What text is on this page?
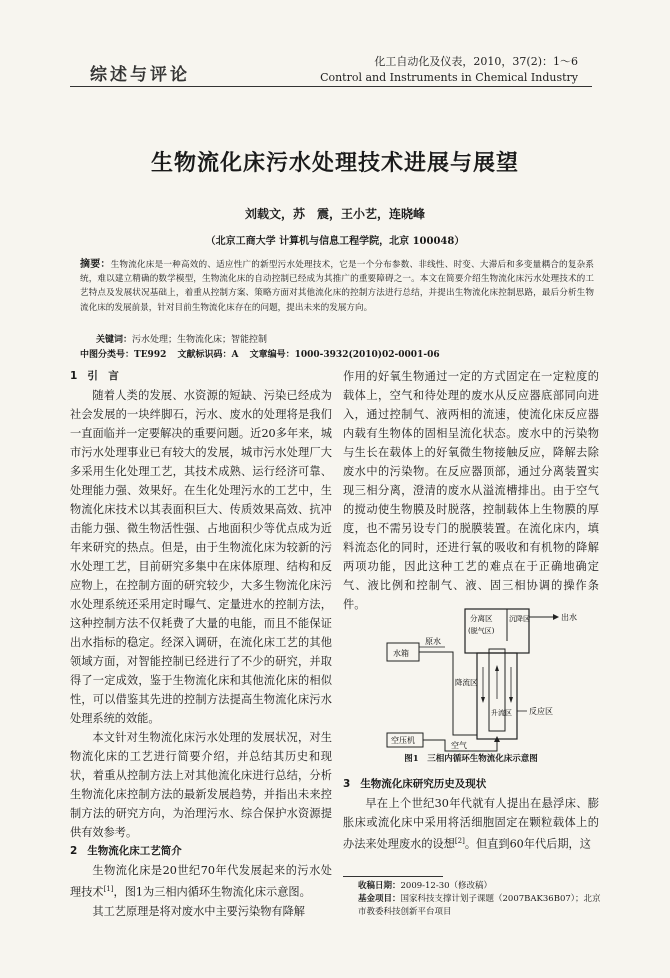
综述与评论
化工自动化及仪表，2010，37(2)：1～6
Control and Instruments in Chemical Industry
生物流化床污水处理技术进展与展望
刘载文，苏　震，王小艺，连晓峰
（北京工商大学 计算机与信息工程学院，北京 100048）
摘要：生物流化床是一种高效的、适应性广的新型污水处理技术，它是一个分布参数、非线性、时变、大滞后和多变量耦合的复杂系统，难以建立精确的数学模型，生物流化床的自动控制已经成为其推广的重要障碍之一。本文在简要介绍生物流化床污水处理技术的工艺特点及发展状况基础上，着重从控制方案、策略方面对其他流化床的控制方法进行总结，并提出生物流化床控制思路，最后分析生物流化床的发展前景，针对目前生物流化床存在的问题，提出未来的发展方向。
关键词：污水处理；生物流化床；智能控制
中图分类号：TE992 文献标识码：A 文章编号：1000-3932(2010)02-0001-06

1 引　言

随着人类的发展、水资源的短缺、污染已经成为社会发展的一块绊脚石，污水、废水的处理将是我们一直面临并一定要解决的重要问题。近20多年来，城市污水处理事业已有较大的发展，城市污水处理厂大多采用生化处理工艺，其技术成熟、运行经济可靠、处理能力强、效果好。在生化处理污水的工艺中，生物流化床技术以其表面积巨大、传质效果高效、抗冲击能力强、微生物活性强、占地面积少等优点成为近年来研究的热点。但是，由于生物流化床为较新的污水处理工艺，目前研究多集中在床体原理、结构和反应物上，在控制方面的研究较少，大多生物流化床污水处理系统还采用定时曝气、定量进水的控制方法，这种控制方法不仅耗费了大量的电能，而且不能保证出水指标的稳定。经深入调研，在流化床工艺的其他领域方面，对智能控制已经进行了不少的研究，并取得了一定成效，鉴于生物流化床和其他流化床的相似性，可以借鉴其先进的控制方法提高生物流化床污水处理系统的效能。

本文针对生物流化床污水处理的发展状况，对生物流化床的工艺进行简要介绍，并总结其历史和现状，着重从控制方法上对其他流化床进行总结，分析生物流化床控制方法的最新发展趋势，并指出未来控制方法的研究方向，为治理污水、综合保护水资源提供有效参考。

2 生物流化床工艺简介

生物流化床是20世纪70年代发展起来的污水处理技术[1]，图1为三相内循环生物流化床示意图。

其工艺原理是将对废水中主要污染物有降解

作用的好氧生物通过一定的方式固定在一定粒度的载体上，空气和待处理的废水从反应器底部同向进入，通过控制气、液两相的流速，使流化床反应器内载有生物体的固相呈流化状态。废水中的污染物与生长在载体上的好氧微生物接触反应，降解去除废水中的污染物。在反应器顶部，通过分离装置实现三相分离，澄清的废水从溢流槽排出。由于空气的搅动使生物膜及时脱落，控制载体上生物膜的厚度，也不需另设专门的脱膜装置。在流化床内，填料流态化的同时，还进行氧的吸收和有机物的降解两项功能，因此这种工艺的难点在于正确地确定气、液比例和控制气、液、固三相协调的操作条件。

水箱
原水
分离区
(脱气区)
沉降区	出水
降流区
升流区 反应区
空压机
空气
图1　三相内循环生物流化床示意图

3 生物流化床研究历史及现状

早在上个世纪30年代就有人提出在悬浮床、膨胀床或流化床中采用将活细胞固定在颗粒载体上的办法来处理废水的设想[2]。但直到60年代后期，这

收稿日期：2009-12-30（修改稿）
基金项目：国家科技支撑计划子课题（2007BAK36B07）；北京市教委科技创新平台项目
